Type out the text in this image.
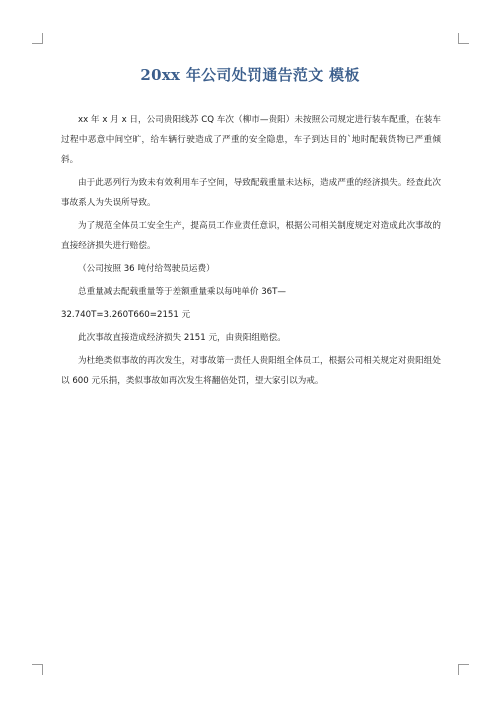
20xx 年公司处罚通告范文 模板

xx 年 x 月 x 日，公司贵阳线苏 CQ 车次（柳市—贵阳）未按照公司规定进行装车配重，在装车过程中恶意中间空旷，给车辆行驶造成了严重的安全隐患，车子到达目的`地时配载货物已严重倾斜。

由于此恶列行为致未有效利用车子空间，导致配载重量未达标，造成严重的经济损失。经查此次事故系人为失误所导致。

为了规范全体员工安全生产，提高员工作业责任意识，根据公司相关制度规定对造成此次事故的直接经济损失进行赔偿。

（公司按照 36 吨付给驾驶员运费）

总重量减去配载重量等于差额重量乘以每吨单价 36T—

32.740T=3.260T660=2151 元

此次事故直接造成经济损失 2151 元，由贵阳组赔偿。

为杜绝类似事故的再次发生，对事故第一责任人贵阳组全体员工，根据公司相关规定对贵阳组处以 600 元乐捐，类似事故如再次发生将翻倍处罚，望大家引以为戒。
